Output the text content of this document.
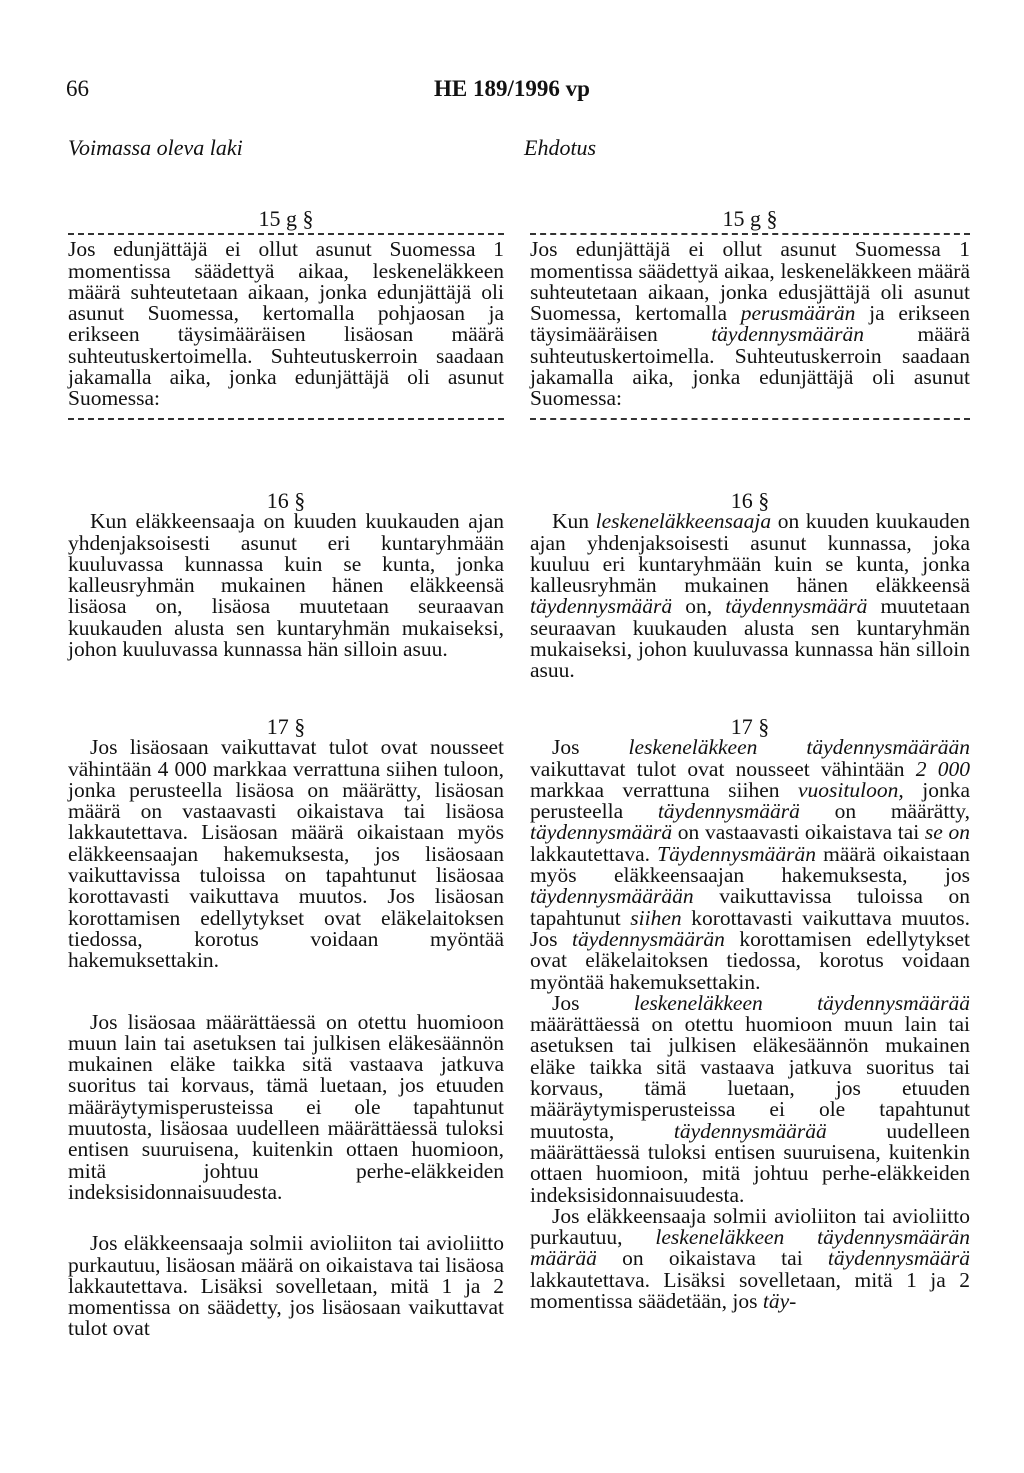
66	HE 189/1996 vp
Voimassa oleva laki	Ehdotus

15 g §

Jos edunjättäjä ei ollut asunut Suomessa 1 momentissa säädettyä aikaa, leskeneläkkeen määrä suhteutetaan aikaan, jonka edunjättäjä oli asunut Suomessa, kertomalla pohjaosan ja erikseen täysimääräisen lisäosan määrä suhteutuskertoimella. Suhteutuskerroin saadaan jakamalla aika, jonka edunjättäjä oli asunut Suomessa:

16 §

Kun eläkkeensaaja on kuuden kuukauden ajan yhdenjaksoisesti asunut eri kuntaryhmään kuuluvassa kunnassa kuin se kunta, jonka kalleusryhmän mukainen hänen eläkkeensä lisäosa on, lisäosa muutetaan seuraavan kuukauden alusta sen kuntaryhmän mukaiseksi, johon kuuluvassa kunnassa hän silloin asuu.

17 §

Jos lisäosaan vaikuttavat tulot ovat nousseet vähintään 4 000 markkaa verrattuna siihen tuloon, jonka perusteella lisäosa on määrätty, lisäosan määrä on vastaavasti oikaistava tai lisäosa lakkautettava. Lisäosan määrä oikaistaan myös eläkkeensaajan hakemuksesta, jos lisäosaan vaikuttavissa tuloissa on tapahtunut lisäosaa korottavasti vaikuttava muutos. Jos lisäosan korottamisen edellytykset ovat eläkelaitoksen tiedossa, korotus voidaan myöntää hakemuksettakin.

Jos lisäosaa määrättäessä on otettu huomioon muun lain tai asetuksen tai julkisen eläkesäännön mukainen eläke taikka sitä vastaava jatkuva suoritus tai korvaus, tämä luetaan, jos etuuden määräytymisperusteissa ei ole tapahtunut muutosta, lisäosaa uudelleen määrättäessä tuloksi entisen suuruisena, kuitenkin ottaen huomioon, mitä johtuu perhe-eläkkeiden indeksisidonnaisuudesta.

Jos eläkkeensaaja solmii avioliiton tai avioliitto purkautuu, lisäosan määrä on oikaistava tai lisäosa lakkautettava. Lisäksi sovelletaan, mitä 1 ja 2 momentissa on säädetty, jos lisäosaan vaikuttavat tulot ovat

15 g §

Jos edunjättäjä ei ollut asunut Suomessa 1 momentissa säädettyä aikaa, leskeneläkkeen määrä suhteutetaan aikaan, jonka edusjättäjä oli asunut Suomessa, kertomalla perusmäärän ja erikseen täysimääräisen täydennysmäärän määrä suhteutuskertoimella. Suhteutuskerroin saadaan jakamalla aika, jonka edunjättäjä oli asunut Suomessa:

16 §

Kun leskeneläkkeensaaja on kuuden kuukauden ajan yhdenjaksoisesti asunut kunnassa, joka kuuluu eri kuntaryhmään kuin se kunta, jonka kalleusryhmän mukainen hänen eläkkeensä täydennysmäärä on, täydennysmäärä muutetaan seuraavan kuukauden alusta sen kuntaryhmän mukaiseksi, johon kuuluvassa kunnassa hän silloin asuu.

17 §

Jos leskeneläkkeen täydennysmäärään vaikuttavat tulot ovat nousseet vähintään 2 000 markkaa verrattuna siihen vuosituloon, jonka perusteella täydennysmäärä on määrätty, täydennysmäärä on vastaavasti oikaistava tai se on lakkautettava. Täydennysmäärän määrä oikaistaan myös eläkkeensaajan hakemuksesta, jos täydennysmäärään vaikuttavissa tuloissa on tapahtunut siihen korottavasti vaikuttava muutos. Jos täydennysmäärän korottamisen edellytykset ovat eläkelaitoksen tiedossa, korotus voidaan myöntää hakemuksettakin.

Jos leskeneläkkeen täydennysmäärää määrättäessä on otettu huomioon muun lain tai asetuksen tai julkisen eläkesäännön mukainen eläke taikka sitä vastaava jatkuva suoritus tai korvaus, tämä luetaan, jos etuuden määräytymisperusteissa ei ole tapahtunut muutosta, täydennysmäärää uudelleen määrättäessä tuloksi entisen suuruisena, kuitenkin ottaen huomioon, mitä johtuu perhe-eläkkeiden indeksisidonnaisuudesta.

Jos eläkkeensaaja solmii avioliiton tai avioliitto purkautuu, leskeneläkkeen täydennysmäärän määrää on oikaistava tai täydennysmäärä lakkautettava. Lisäksi sovelletaan, mitä 1 ja 2 momentissa säädetään, jos täy-
